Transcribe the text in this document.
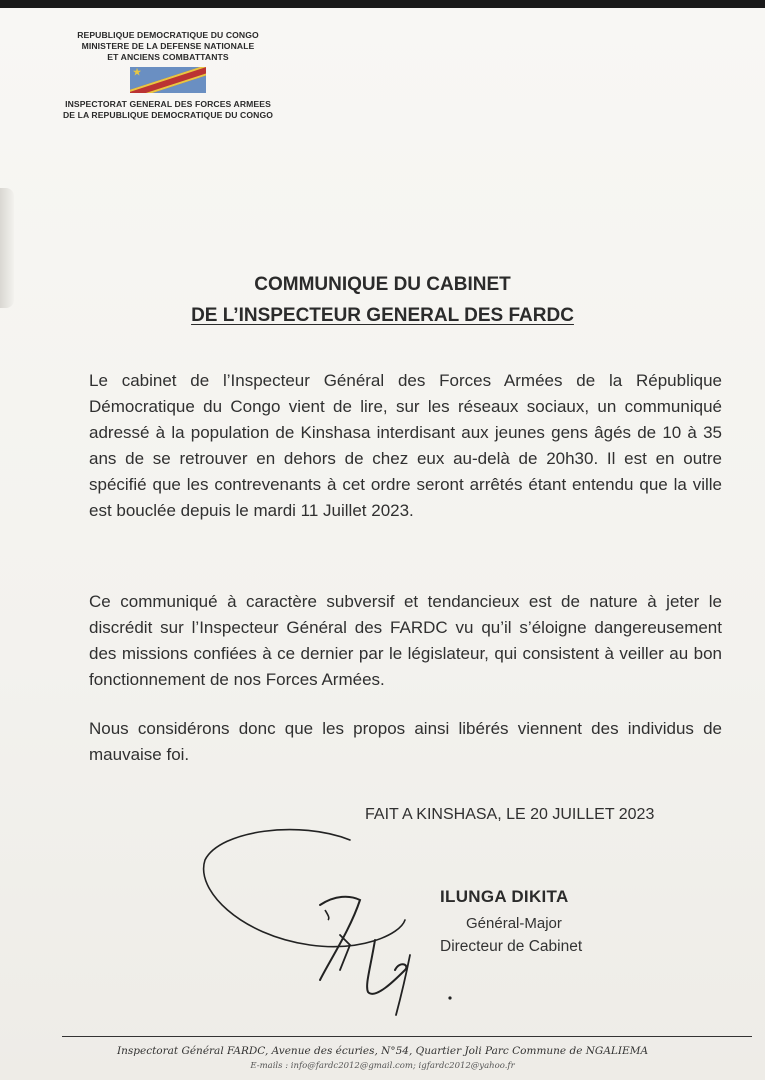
REPUBLIQUE DEMOCRATIQUE DU CONGO
MINISTERE DE LA DEFENSE NATIONALE
ET ANCIENS COMBATTANTS
★
INSPECTORAT GENERAL DES FORCES ARMEES
DE LA REPUBLIQUE DEMOCRATIQUE DU CONGO
COMMUNIQUE DU CABINET
DE L’INSPECTEUR GENERAL DES FARDC

Le cabinet de l’Inspecteur Général des Forces Armées de la République Démocratique du Congo vient de lire, sur les réseaux sociaux, un communiqué adressé à la population de Kinshasa interdisant aux jeunes gens âgés de 10 à 35 ans de se retrouver en dehors de chez eux au-delà de 20h30. Il est en outre spécifié que les contrevenants à cet ordre seront arrêtés étant entendu que la ville est bouclée depuis le mardi 11 Juillet 2023.

Ce communiqué à caractère subversif et tendancieux est de nature à jeter le discrédit sur l’Inspecteur Général des FARDC vu qu’il s’éloigne dangereusement des missions confiées à ce dernier par le législateur, qui consistent à veiller au bon fonctionnement de nos Forces Armées.

Nous considérons donc que les propos ainsi libérés viennent des individus de mauvaise foi.

FAIT A KINSHASA, LE 20 JUILLET 2023
ILUNGA DIKITA
Général-Major
Directeur de Cabinet
Inspectorat Général FARDC, Avenue des écuries, N°54, Quartier Joli Parc Commune de NGALIEMA
E-mails : info@fardc2012@gmail.com; igfardc2012@yahoo.fr
